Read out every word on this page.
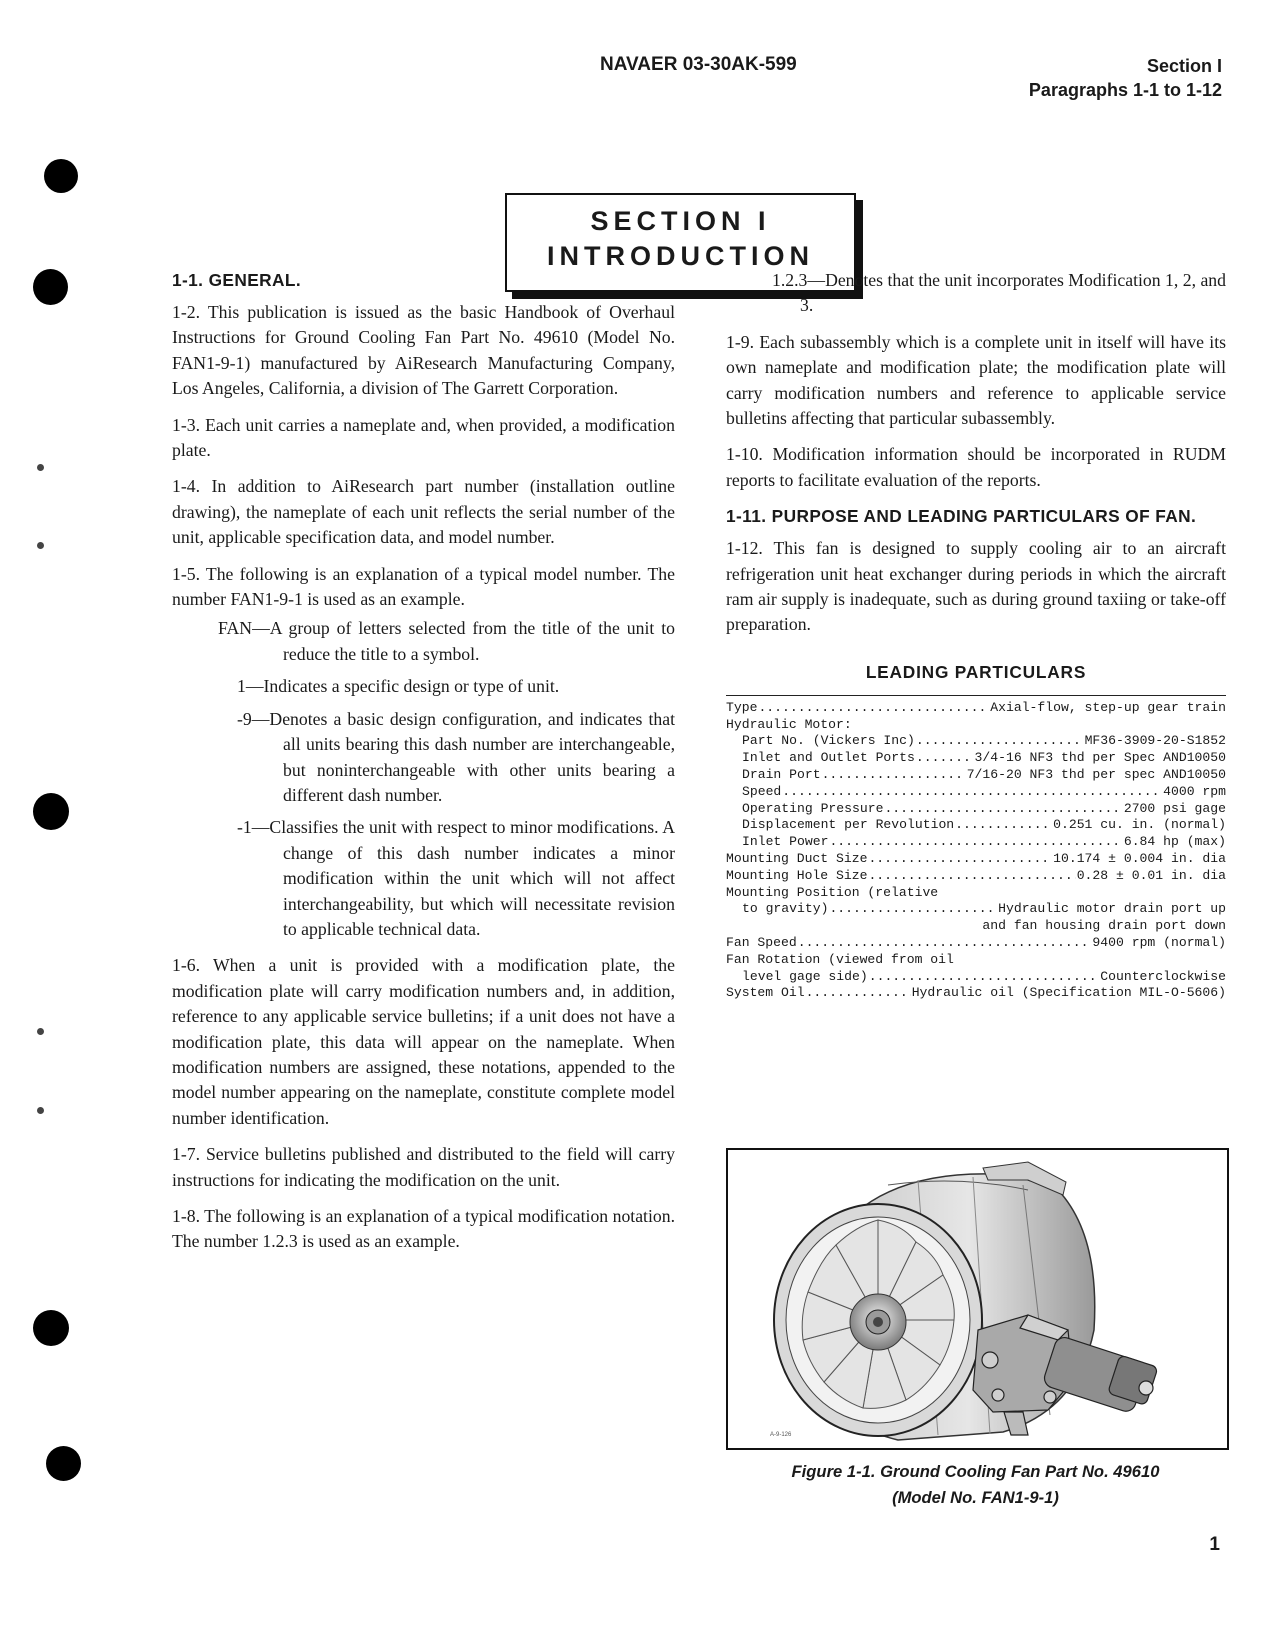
NAVAER 03-30AK-599	Section I
Paragraphs 1-1 to 1-12
SECTION I
INTRODUCTION
1-1. GENERAL.

1-2. This publication is issued as the basic Handbook of Overhaul Instructions for Ground Cooling Fan Part No. 49610 (Model No. FAN1-9-1) manufactured by AiResearch Manufacturing Company, Los Angeles, California, a division of The Garrett Corporation.

1-3. Each unit carries a nameplate and, when provided, a modification plate.

1-4. In addition to AiResearch part number (installation outline drawing), the nameplate of each unit reflects the serial number of the unit, applicable specification data, and model number.

1-5. The following is an explanation of a typical model number. The number FAN1-9-1 is used as an example.

FAN—A group of letters selected from the title of the unit to reduce the title to a symbol.
1—Indicates a specific design or type of unit.
-9—Denotes a basic design configuration, and indicates that all units bearing this dash number are interchangeable, but noninterchangeable with other units bearing a different dash number.
-1—Classifies the unit with respect to minor modifications. A change of this dash number indicates a minor modification within the unit which will not affect interchangeability, but which will necessitate revision to applicable technical data.

1-6. When a unit is provided with a modification plate, the modification plate will carry modification numbers and, in addition, reference to any applicable service bulletins; if a unit does not have a modification plate, this data will appear on the nameplate. When modification numbers are assigned, these notations, appended to the model number appearing on the nameplate, constitute complete model number identification.

1-7. Service bulletins published and distributed to the field will carry instructions for indicating the modification on the unit.

1-8. The following is an explanation of a typical modification notation. The number 1.2.3 is used as an example.

1.2.3—Denotes that the unit incorporates Modification 1, 2, and 3.

1-9. Each subassembly which is a complete unit in itself will have its own nameplate and modification plate; the modification plate will carry modification numbers and reference to applicable service bulletins affecting that particular subassembly.

1-10. Modification information should be incorporated in RUDM reports to facilitate evaluation of the reports.

1-11. PURPOSE AND LEADING PARTICULARS OF FAN.

1-12. This fan is designed to supply cooling air to an aircraft refrigeration unit heat exchanger during periods in which the aircraft ram air supply is inadequate, such as during ground taxiing or take-off preparation.

LEADING PARTICULARS
Type .....	Axial-flow, step-up gear train
Hydraulic Motor:
Part No. (Vickers Inc) .....	MF36-3909-20-S1852
Inlet and Outlet Ports .....	3/4-16 NF3 thd per Spec AND10050
Drain Port .....	7/16-20 NF3 thd per spec AND10050
Speed .....	4000 rpm
Operating Pressure .....	2700 psi gage
Displacement per Revolution .....	0.251 cu. in. (normal)
Inlet Power .....	6.84 hp (max)
Mounting Duct Size .....	10.174 ± 0.004 in. dia
Mounting Hole Size .....	0.28 ± 0.01 in. dia
Mounting Position (relative
to gravity) .....	Hydraulic motor drain port up
and fan housing drain port down
Fan Speed .....	9400 rpm (normal)
Fan Rotation (viewed from oil
level gage side) .....	Counterclockwise
System Oil .....	Hydraulic oil (Specification MIL-O-5606)
A-9-126
Figure 1-1. Ground Cooling Fan Part No. 49610
(Model No. FAN1-9-1)
1
